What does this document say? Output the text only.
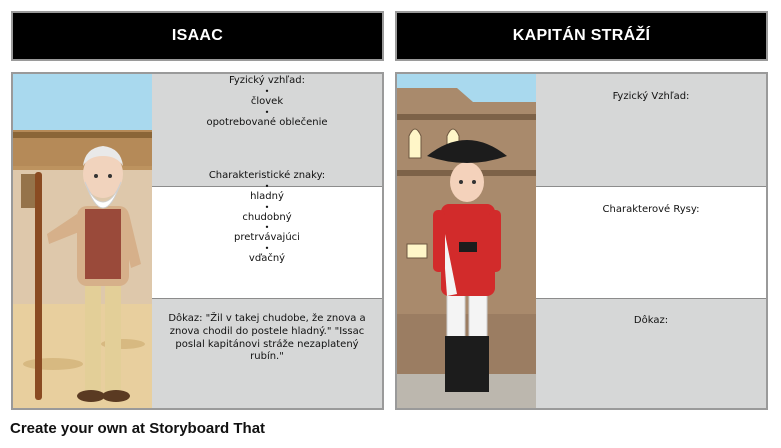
ISAAC	KAPITÁN STRÁŽÍ
Fyzický vzhľad:
•
človek
•
opotrebované oblečenie
Charakteristické znaky:
•
hladný
•
chudobný
•
pretrvávajúci
•
vďačný
Dôkaz: "Žil v takej chudobe, že znova a znova chodil do postele hladný." "Issac poslal kapitánovi stráže nezaplatený rubín."
Fyzický Vzhľad:
Charakterové Rysy:
Dôkaz:
Create your own at Storyboard That
